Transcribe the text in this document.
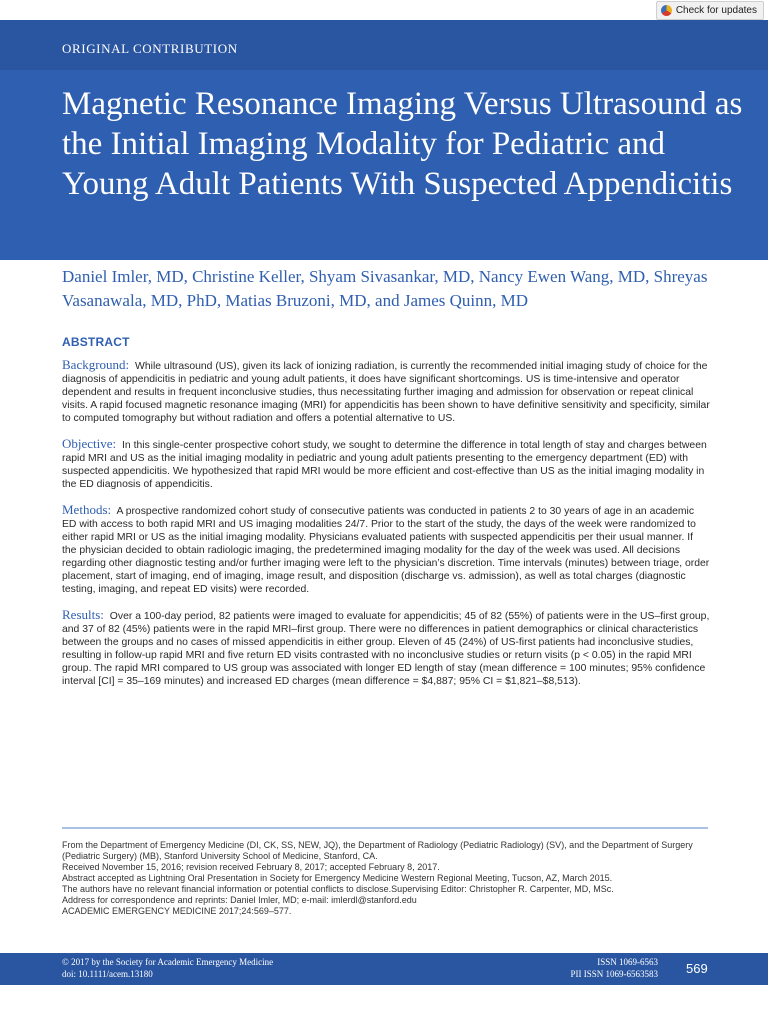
Check for updates
ORIGINAL CONTRIBUTION
Magnetic Resonance Imaging Versus Ultrasound as the Initial Imaging Modality for Pediatric and Young Adult Patients With Suspected Appendicitis

Daniel Imler, MD, Christine Keller, Shyam Sivasankar, MD, Nancy Ewen Wang, MD, Shreyas Vasanawala, MD, PhD, Matias Bruzoni, MD, and James Quinn, MD

ABSTRACT

Background: While ultrasound (US), given its lack of ionizing radiation, is currently the recommended initial imaging study of choice for the diagnosis of appendicitis in pediatric and young adult patients, it does have significant shortcomings. US is time-intensive and operator dependent and results in frequent inconclusive studies, thus necessitating further imaging and admission for observation or repeat clinical visits. A rapid focused magnetic resonance imaging (MRI) for appendicitis has been shown to have definitive sensitivity and specificity, similar to computed tomography but without radiation and offers a potential alternative to US.

Objective: In this single-center prospective cohort study, we sought to determine the difference in total length of stay and charges between rapid MRI and US as the initial imaging modality in pediatric and young adult patients presenting to the emergency department (ED) with suspected appendicitis. We hypothesized that rapid MRI would be more efficient and cost-effective than US as the initial imaging modality in the ED diagnosis of appendicitis.

Methods: A prospective randomized cohort study of consecutive patients was conducted in patients 2 to 30 years of age in an academic ED with access to both rapid MRI and US imaging modalities 24/7. Prior to the start of the study, the days of the week were randomized to either rapid MRI or US as the initial imaging modality. Physicians evaluated patients with suspected appendicitis per their usual manner. If the physician decided to obtain radiologic imaging, the predetermined imaging modality for the day of the week was used. All decisions regarding other diagnostic testing and/or further imaging were left to the physician’s discretion. Time intervals (minutes) between triage, order placement, start of imaging, end of imaging, image result, and disposition (discharge vs. admission), as well as total charges (diagnostic testing, imaging, and repeat ED visits) were recorded.

Results: Over a 100-day period, 82 patients were imaged to evaluate for appendicitis; 45 of 82 (55%) of patients were in the US–first group, and 37 of 82 (45%) patients were in the rapid MRI–first group. There were no differences in patient demographics or clinical characteristics between the groups and no cases of missed appendicitis in either group. Eleven of 45 (24%) of US-first patients had inconclusive studies, resulting in follow-up rapid MRI and five return ED visits contrasted with no inconclusive studies or return visits (p < 0.05) in the rapid MRI group. The rapid MRI compared to US group was associated with longer ED length of stay (mean difference = 100 minutes; 95% confidence interval [CI] = 35–169 minutes) and increased ED charges (mean difference = $4,887; 95% CI = $1,821–$8,513).

From the Department of Emergency Medicine (DI, CK, SS, NEW, JQ), the Department of Radiology (Pediatric Radiology) (SV), and the Department of Surgery (Pediatric Surgery) (MB), Stanford University School of Medicine, Stanford, CA.

Received November 15, 2016; revision received February 8, 2017; accepted February 8, 2017.

Abstract accepted as Lightning Oral Presentation in Society for Emergency Medicine Western Regional Meeting, Tucson, AZ, March 2015.

The authors have no relevant financial information or potential conflicts to disclose.Supervising Editor: Christopher R. Carpenter, MD, MSc.

Address for correspondence and reprints: Daniel Imler, MD; e-mail: imlerdl@stanford.edu

ACADEMIC EMERGENCY MEDICINE 2017;24:569–577.

© 2017 by the Society for Academic Emergency Medicine
doi: 10.1111/acem.13180
ISSN 1069-6563
PII ISSN 1069-6563583 569
